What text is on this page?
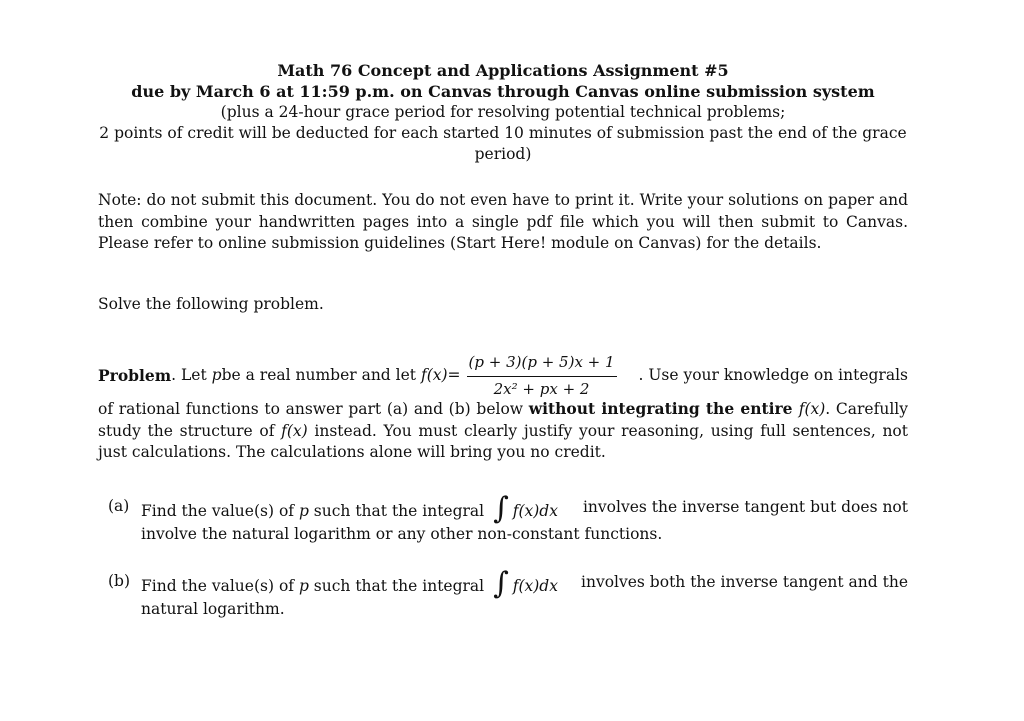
Math 76 Concept and Applications Assignment #5
due by March 6 at 11:59 p.m. on Canvas through Canvas online submission system
(plus a 24-hour grace period for resolving potential technical problems;
2 points of credit will be deducted for each started 10 minutes of submission past the end of the grace period)
Note: do not submit this document. You do not even have to print it. Write your solutions on paper and then combine your handwritten pages into a single pdf file which you will then submit to Canvas. Please refer to online submission guidelines (Start Here! module on Canvas) for the details.
Solve the following problem.
Problem . Let
p be a real number and let
$f(x) = \frac{(p + 3)(p + 5)x + 1}{\text{2x² + px + 2}}$ . Use your knowledge on integrals
of rational functions to answer part (a) and (b) below without integrating the entire f(x). Carefully study the structure of f(x) instead. You must clearly justify your reasoning, using full sentences, not just calculations. The calculations alone will bring you no credit.
(a) Find the value(s) of p such that the integral ∫ f(x)dx involves the inverse tangent but does not
involve the natural logarithm or any other non-constant functions.
(b) Find the value(s) of p such that the integral ∫ f(x)dx involves both the inverse tangent and the
natural logarithm.
